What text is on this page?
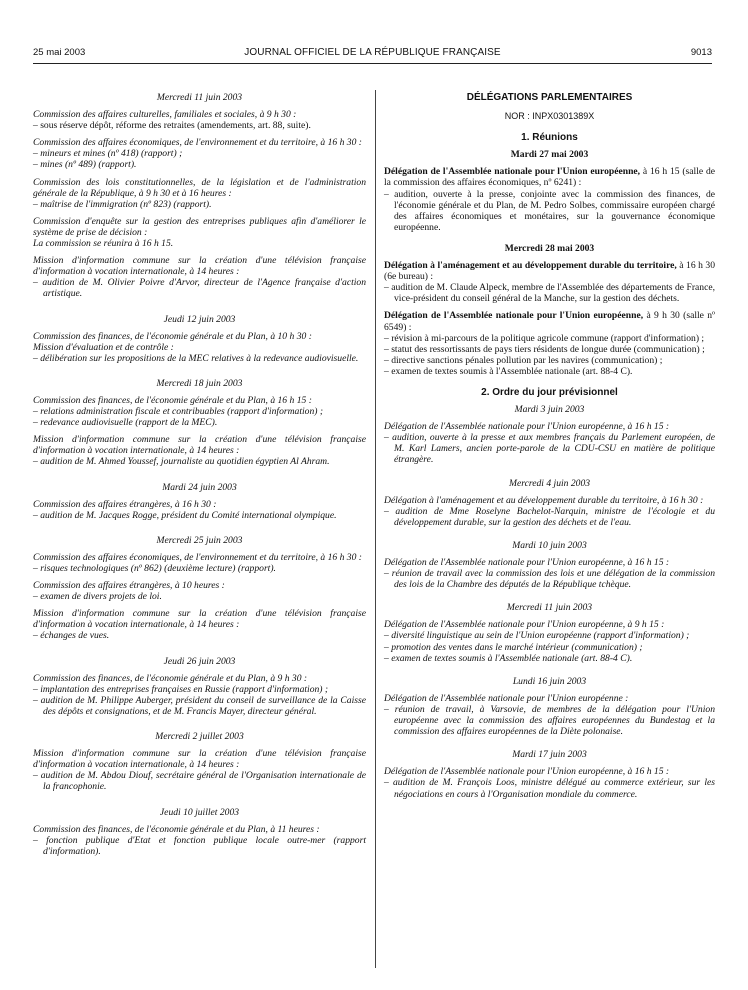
25 mai 2003	JOURNAL OFFICIEL DE LA RÉPUBLIQUE FRANÇAISE	9013
Mercredi 11 juin 2003
Commission des affaires culturelles, familiales et sociales, à 9 h 30 :
– sous réserve dépôt, réforme des retraites (amendements, art. 88, suite).
Commission des affaires économiques, de l'environnement et du territoire, à 16 h 30 :
– mineurs et mines (nº 418) (rapport) ;
– mines (nº 489) (rapport).
Commission des lois constitutionnelles, de la législation et de l'administration générale de la République, à 9 h 30 et à 16 heures :
– maîtrise de l'immigration (nº 823) (rapport).
Commission d'enquête sur la gestion des entreprises publiques afin d'améliorer le système de prise de décision :
La commission se réunira à 16 h 15.
Mission d'information commune sur la création d'une télévision française d'information à vocation internationale, à 14 heures :
– audition de M. Olivier Poivre d'Arvor, directeur de l'Agence française d'action artistique.
Jeudi 12 juin 2003
Commission des finances, de l'économie générale et du Plan, à 10 h 30 :
Mission d'évaluation et de contrôle :
– délibération sur les propositions de la MEC relatives à la redevance audiovisuelle.
Mercredi 18 juin 2003
Commission des finances, de l'économie générale et du Plan, à 16 h 15 :
– relations administration fiscale et contribuables (rapport d'information) ;
– redevance audiovisuelle (rapport de la MEC).
Mission d'information commune sur la création d'une télévision française d'information à vocation internationale, à 14 heures :
– audition de M. Ahmed Youssef, journaliste au quotidien égyptien Al Ahram.
Mardi 24 juin 2003
Commission des affaires étrangères, à 16 h 30 :
– audition de M. Jacques Rogge, président du Comité international olympique.
Mercredi 25 juin 2003
Commission des affaires économiques, de l'environnement et du territoire, à 16 h 30 :
– risques technologiques (nº 862) (deuxième lecture) (rapport).
Commission des affaires étrangères, à 10 heures :
– examen de divers projets de loi.
Mission d'information commune sur la création d'une télévision française d'information à vocation internationale, à 14 heures :
– échanges de vues.
Jeudi 26 juin 2003
Commission des finances, de l'économie générale et du Plan, à 9 h 30 :
– implantation des entreprises françaises en Russie (rapport d'information) ;
– audition de M. Philippe Auberger, président du conseil de surveillance de la Caisse des dépôts et consignations, et de M. Francis Mayer, directeur général.
Mercredi 2 juillet 2003
Mission d'information commune sur la création d'une télévision française d'information à vocation internationale, à 14 heures :
– audition de M. Abdou Diouf, secrétaire général de l'Organisation internationale de la francophonie.
Jeudi 10 juillet 2003
Commission des finances, de l'économie générale et du Plan, à 11 heures :
– fonction publique d'Etat et fonction publique locale outre-mer (rapport d'information).
DÉLÉGATIONS PARLEMENTAIRES
NOR : INPX0301389X
1. Réunions
Mardi 27 mai 2003
Délégation de l'Assemblée nationale pour l'Union européenne, à 16 h 15 (salle de la commission des affaires économiques, nº 6241) :
– audition, ouverte à la presse, conjointe avec la commission des finances, de l'économie générale et du Plan, de M. Pedro Solbes, commissaire européen chargé des affaires économiques et monétaires, sur la gouvernance économique européenne.
Mercredi 28 mai 2003
Délégation à l'aménagement et au développement durable du territoire, à 16 h 30 (6e bureau) :
– audition de M. Claude Alpeck, membre de l'Assemblée des départements de France, vice-président du conseil général de la Manche, sur la gestion des déchets.
Délégation de l'Assemblée nationale pour l'Union européenne, à 9 h 30 (salle nº 6549) :
– révision à mi-parcours de la politique agricole commune (rapport d'information) ;
– statut des ressortissants de pays tiers résidents de longue durée (communication) ;
– directive sanctions pénales pollution par les navires (communication) ;
– examen de textes soumis à l'Assemblée nationale (art. 88-4 C).
2. Ordre du jour prévisionnel
Mardi 3 juin 2003
Délégation de l'Assemblée nationale pour l'Union européenne, à 16 h 15 :
– audition, ouverte à la presse et aux membres français du Parlement européen, de M. Karl Lamers, ancien porte-parole de la CDU-CSU en matière de politique étrangère.
Mercredi 4 juin 2003
Délégation à l'aménagement et au développement durable du territoire, à 16 h 30 :
– audition de Mme Roselyne Bachelot-Narquin, ministre de l'écologie et du développement durable, sur la gestion des déchets et de l'eau.
Mardi 10 juin 2003
Délégation de l'Assemblée nationale pour l'Union européenne, à 16 h 15 :
– réunion de travail avec la commission des lois et une délégation de la commission des lois de la Chambre des députés de la République tchèque.
Mercredi 11 juin 2003
Délégation de l'Assemblée nationale pour l'Union européenne, à 9 h 15 :
– diversité linguistique au sein de l'Union européenne (rapport d'information) ;
– promotion des ventes dans le marché intérieur (communication) ;
– examen de textes soumis à l'Assemblée nationale (art. 88-4 C).
Lundi 16 juin 2003
Délégation de l'Assemblée nationale pour l'Union européenne :
– réunion de travail, à Varsovie, de membres de la délégation pour l'Union européenne avec la commission des affaires européennes du Bundestag et la commission des affaires européennes de la Diète polonaise.
Mardi 17 juin 2003
Délégation de l'Assemblée nationale pour l'Union européenne, à 16 h 15 :
– audition de M. François Loos, ministre délégué au commerce extérieur, sur les négociations en cours à l'Organisation mondiale du commerce.
